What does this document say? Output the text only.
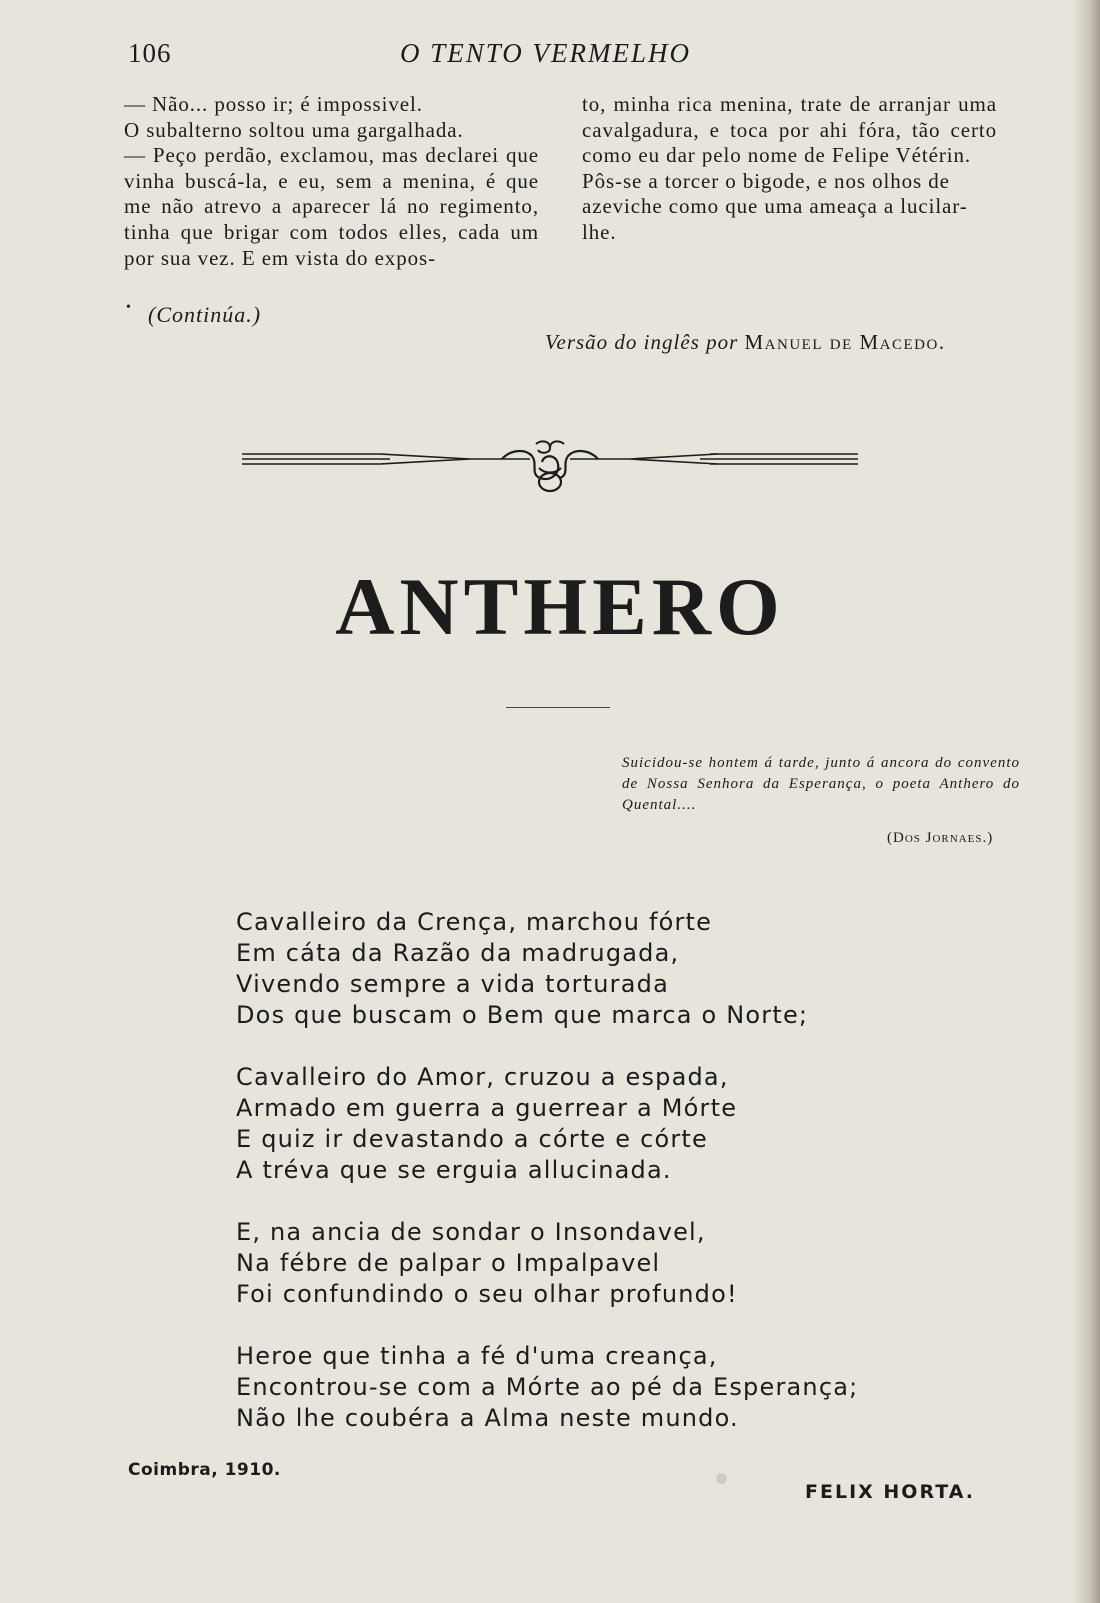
106	O TENTO VERMELHO

— Não... posso ir; é impossivel.

O subalterno soltou uma gargalhada.

— Peço perdão, exclamou, mas declarei que vinha buscá-la, e eu, sem a menina, é que me não atrevo a aparecer lá no regimento, tinha que brigar com todos elles, cada um por sua vez. E em vista do expos-

to, minha rica menina, trate de arranjar uma cavalgadura, e toca por ahi fóra, tão certo como eu dar pelo nome de Felipe Vétérin.

Pôs-se a torcer o bigode, e nos olhos de azeviche como que uma ameaça a lucilar-lhe.

• (Continúa.)
Versão do inglês por Manuel de Macedo.
ANTHERO
Suicidou-se hontem á tarde, junto á ancora do convento de Nossa Senhora da Esperança, o poeta Anthero do Quental....
(Dos Jornaes.)
Cavalleiro da Crença, marchou fórte
Em cáta da Razão da madrugada,
Vivendo sempre a vida torturada
Dos que buscam o Bem que marca o Norte;
Cavalleiro do Amor, cruzou a espada,
Armado em guerra a guerrear a Mórte
E quiz ir devastando a córte e córte
A tréva que se erguia allucinada.
E, na ancia de sondar o Insondavel,
Na fébre de palpar o Impalpavel
Foi confundindo o seu olhar profundo!
Heroe que tinha a fé d'uma creança,
Encontrou-se com a Mórte ao pé da Esperança;
Não lhe coubéra a Alma neste mundo.
Coimbra, 1910.
FELIX HORTA.
